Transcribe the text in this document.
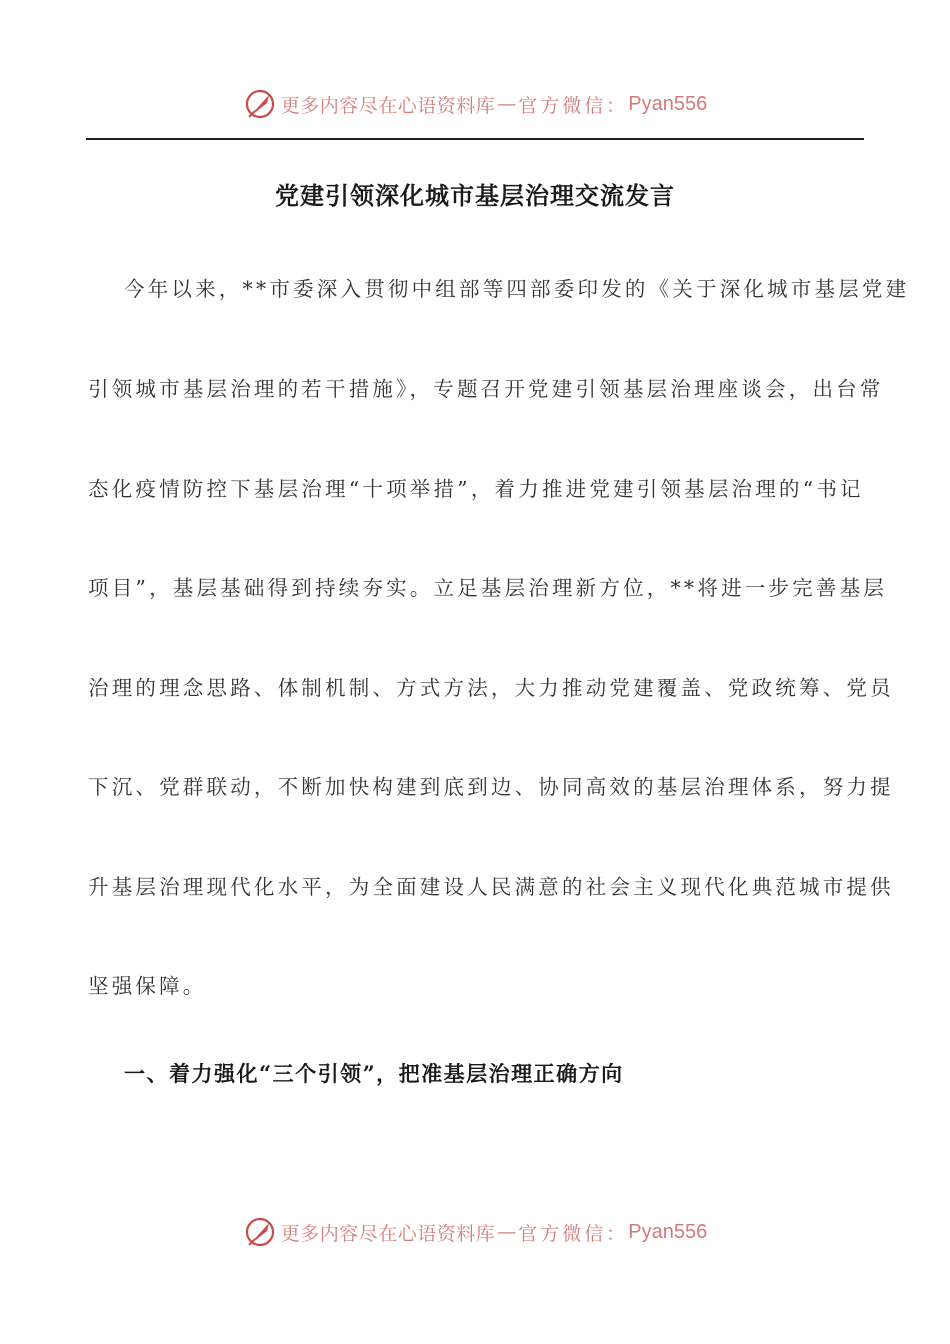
更多内容尽在心语资料库 — 官方微信： Pyan556
党建引领深化城市基层治理交流发言
今年以来，**市委深入贯彻中组部等四部委印发的《关于深化城市基层党建
引领城市基层治理的若干措施》，专题召开党建引领基层治理座谈会，出台常
态化疫情防控下基层治理“十项举措”，着力推进党建引领基层治理的“书记
项目”，基层基础得到持续夯实。立足基层治理新方位，**将进一步完善基层
治理的理念思路、体制机制、方式方法，大力推动党建覆盖、党政统筹、党员
下沉、党群联动，不断加快构建到底到边、协同高效的基层治理体系，努力提
升基层治理现代化水平，为全面建设人民满意的社会主义现代化典范城市提供
坚强保障。
一、着力强化“三个引领”，把准基层治理正确方向
更多内容尽在心语资料库 — 官方微信： Pyan556
